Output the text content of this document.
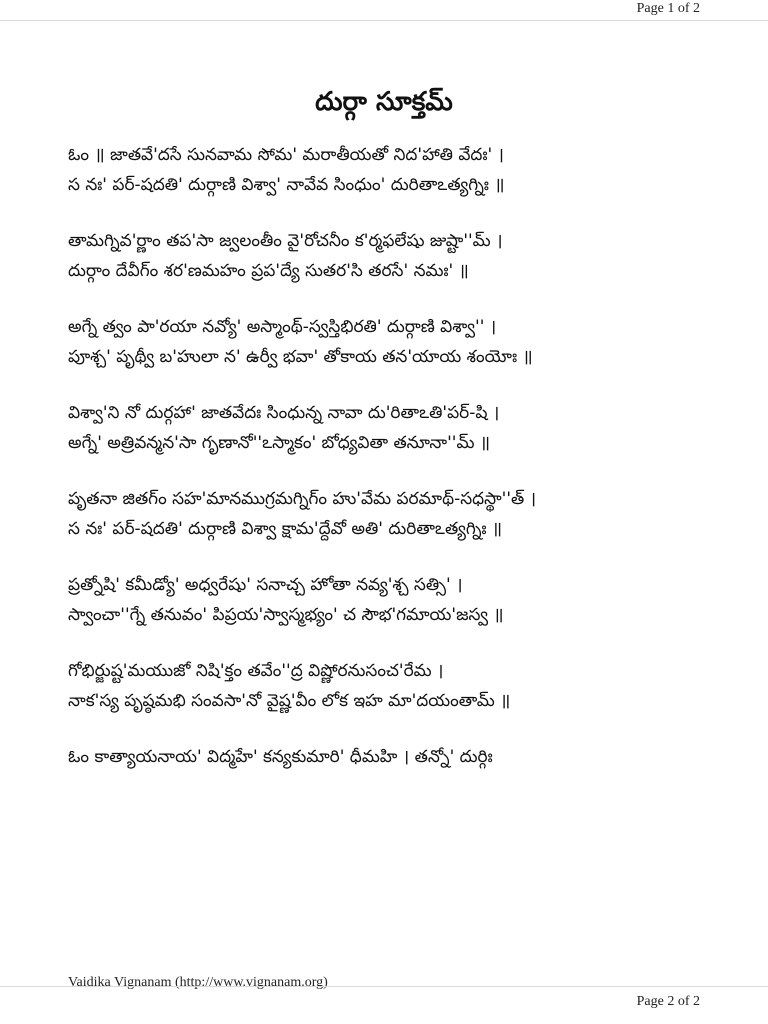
Page 1 of 2
దుర్గా సూక్తమ్
ఓం ॥ జాతవే'దసే సునవామ సోమ' మరాతీయతో నిద'హాతి వేదః' ।
స నః' పర్-షదతి' దుర్గాణి విశ్వా' నావేవ సింధుం' దురితాఽత్యగ్నిః ॥
తామగ్నివ'ర్ణాం తప'సా జ్వలంతీం వై'రోచనీం క'ర్మఫలేషు జుష్టా''మ్ ।
దుర్గాం దేవీగ్ం శర'ణమహం ప్రప'ద్యే సుతర'సి తరసే' నమః' ॥
అగ్నే త్వం పా'రయా నవ్యో' అస్మాంథ్-స్వస్తిభిరతి' దుర్గాణి విశ్వా'' ।
పూశ్చ' పృథ్వీ బ'హులా న' ఉర్వీ భవా' తోకాయ తన'యాయ శంయోః ॥
విశ్వా'ని నో దుర్గహా' జాతవేదః సింధున్న నావా దు'రితాఽతి'పర్-షి ।
అగ్నే' అత్రివన్మన'సా గృణానో''ఽస్మాకం' బోధ్యవితా తనూనా''మ్ ॥
పృతనా జితగ్ం సహ'మానముగ్రమగ్నిగ్ం హు'వేమ పరమాథ్-సధస్థా''త్ ।
స నః' పర్-షదతి' దుర్గాణి విశ్వా క్షామ'ద్దేవో అతి' దురితాఽత్యగ్నిః ॥
ప్రత్నోషి' కమీడ్యో' అధ్వరేషు' సనాచ్చ హోతా నవ్య'శ్చ సత్సి' ।
స్వాంచా''గ్నే తనువం' పిప్రయ'స్వాస్మభ్యం' చ సౌభ'గమాయ'జస్వ ॥
గోభిర్జుష్ట'మయుజో నిషి'క్తం తవేం''ద్ర విష్ణోరనుసంచ'రేమ ।
నాక'స్య పృష్ఠమభి సంవసా'నో వైష్ణ'వీం లోక ఇహ మా'దయంతామ్ ॥
ఓం కాత్యాయనాయ' విద్మహే' కన్యకుమారి' ధీమహి । తన్నో' దుర్గిః
Vaidika Vignanam (http://www.vignanam.org)
Page 2 of 2
